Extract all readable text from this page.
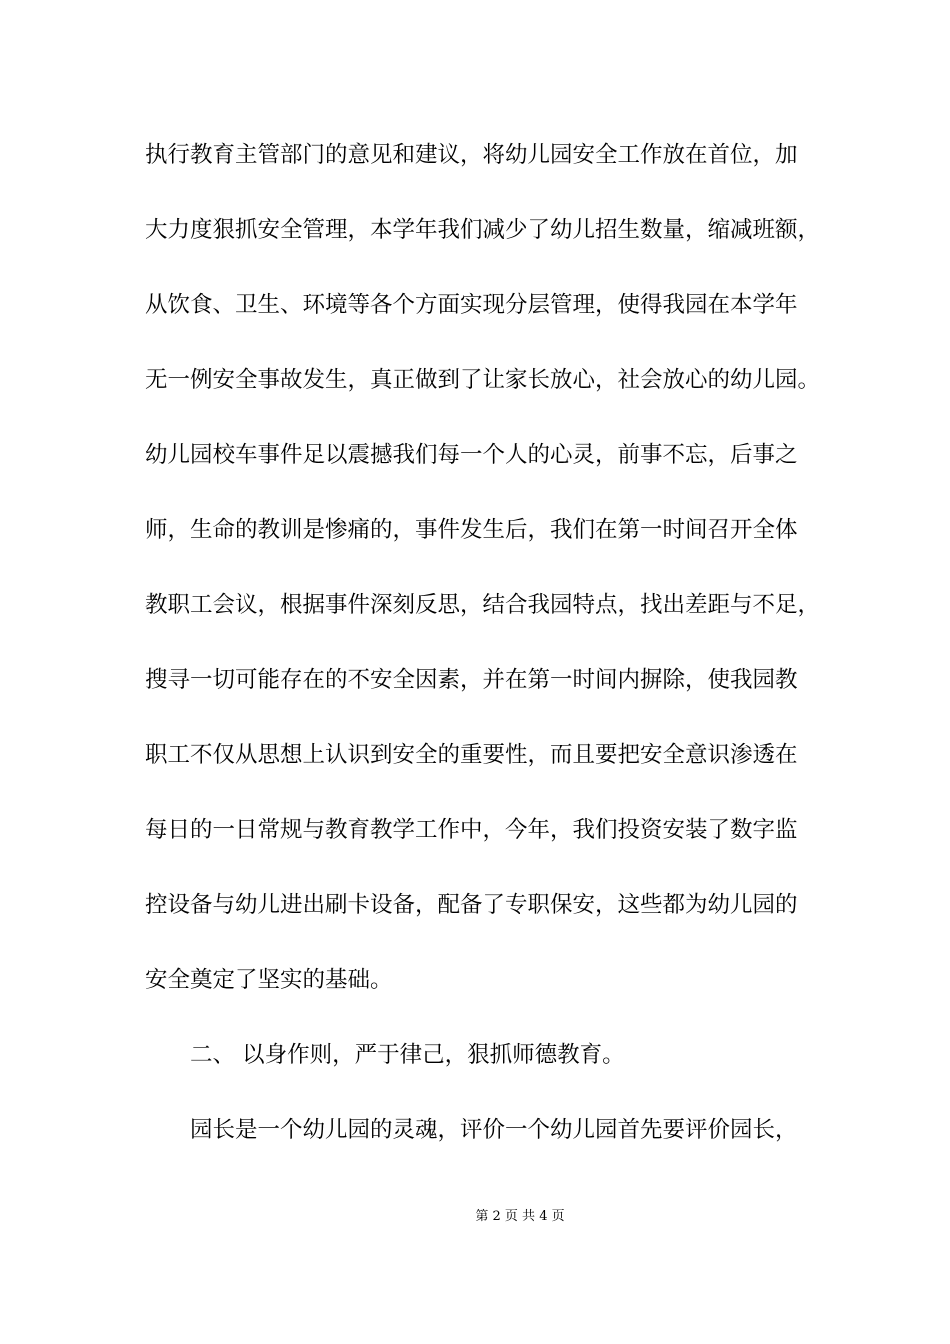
执行教育主管部门的意见和建议，将幼儿园安全工作放在首位，加
大力度狠抓安全管理，本学年我们减少了幼儿招生数量，缩减班额，
从饮食、卫生、环境等各个方面实现分层管理，使得我园在本学年
无一例安全事故发生，真正做到了让家长放心，社会放心的幼儿园。
幼儿园校车事件足以震撼我们每一个人的心灵，前事不忘，后事之
师，生命的教训是惨痛的，事件发生后，我们在第一时间召开全体
教职工会议，根据事件深刻反思，结合我园特点，找出差距与不足，
搜寻一切可能存在的不安全因素，并在第一时间内摒除，使我园教
职工不仅从思想上认识到安全的重要性，而且要把安全意识渗透在
每日的一日常规与教育教学工作中，今年，我们投资安装了数字监
控设备与幼儿进出刷卡设备，配备了专职保安，这些都为幼儿园的
安全奠定了坚实的基础。
二、 以身作则，严于律己，狠抓师德教育。
园长是一个幼儿园的灵魂，评价一个幼儿园首先要评价园长，
第 2 页 共 4 页
